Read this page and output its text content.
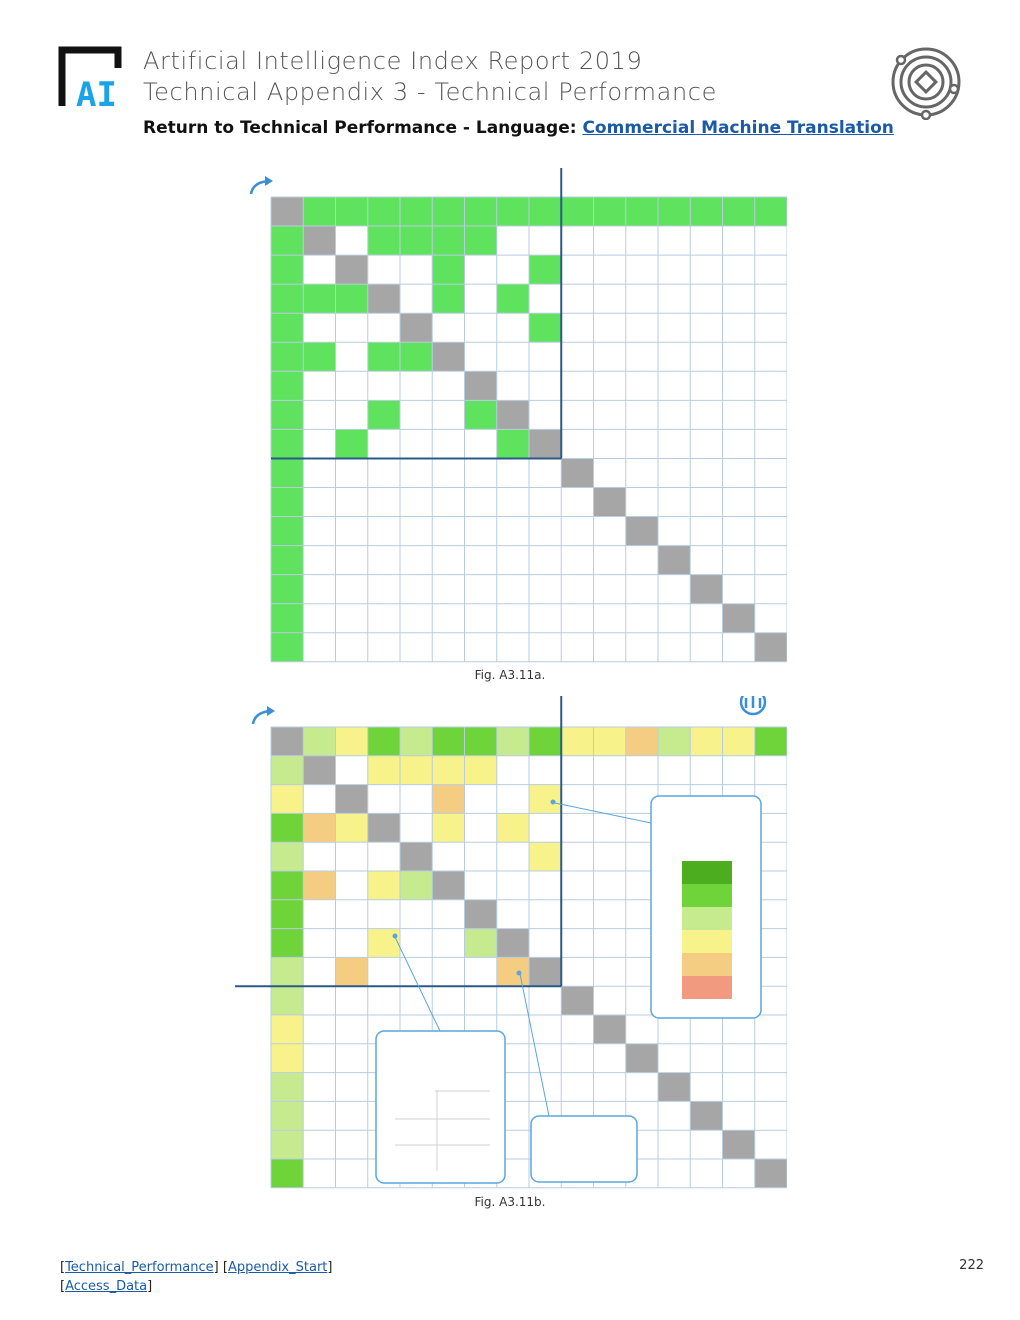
AI
Artificial Intelligence Index Report 2019
Technical Appendix 3 - Technical Performance
Return to Technical Performance - Language: Commercial Machine Translation
Fig. A3.11a.
Fig. A3.11b.
[Technical_Performance] [Appendix_Start]
[Access_Data]
222
